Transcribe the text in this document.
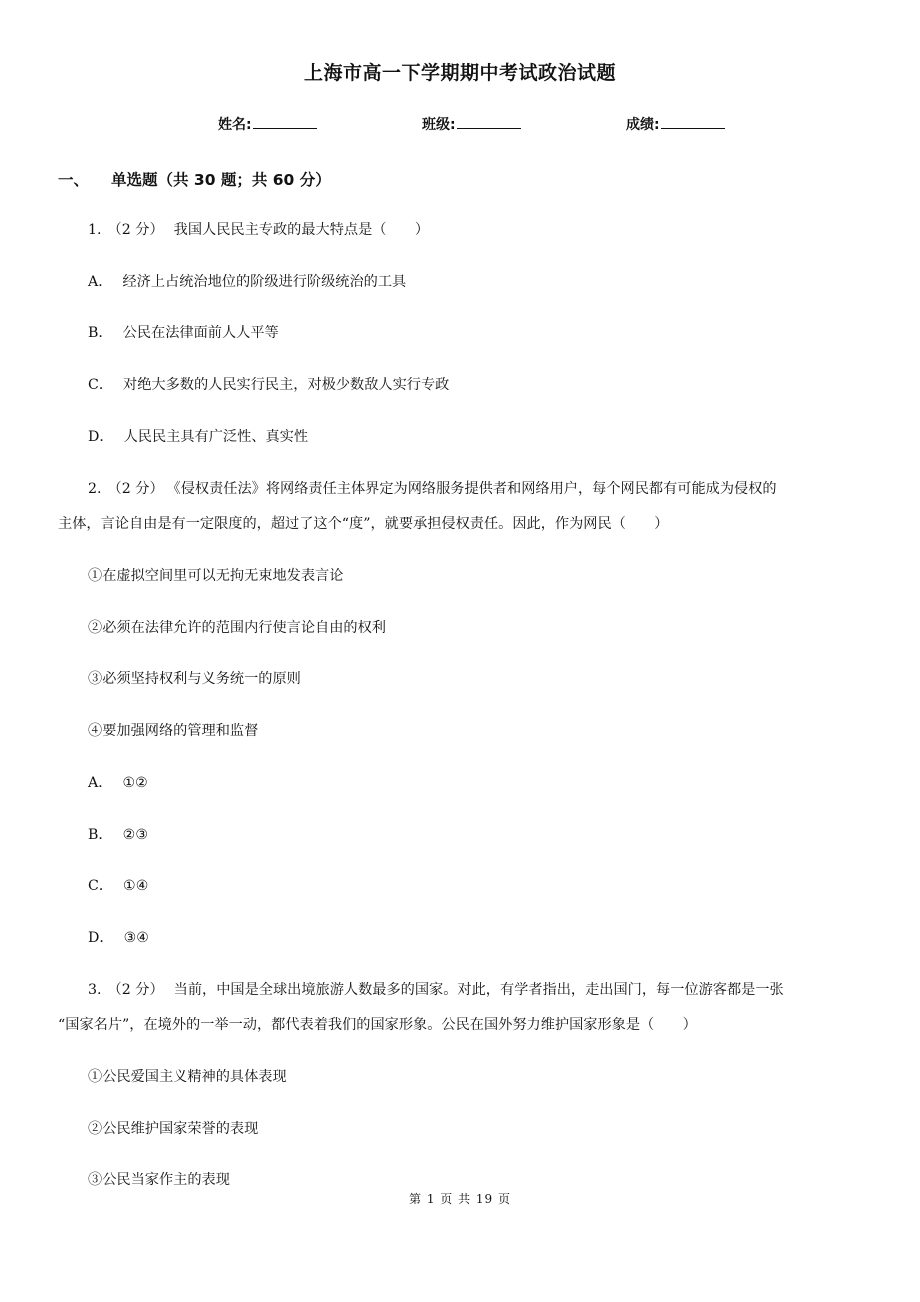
上海市高一下学期期中考试政治试题
姓名:	班级:	成绩:
一、 单选题（共 30 题；共 60 分）
1. （2 分） 我国人民民主专政的最大特点是（　　）
A． 经济上占统治地位的阶级进行阶级统治的工具
B． 公民在法律面前人人平等
C． 对绝大多数的人民实行民主，对极少数敌人实行专政
D． 人民民主具有广泛性、真实性
2. （2 分） 《侵权责任法》将网络责任主体界定为网络服务提供者和网络用户，每个网民都有可能成为侵权的
主体，言论自由是有一定限度的，超过了这个“度”，就要承担侵权责任。因此，作为网民（　　）
①在虚拟空间里可以无拘无束地发表言论
②必须在法律允许的范围内行使言论自由的权利
③必须坚持权利与义务统一的原则
④要加强网络的管理和监督
A． ①②
B． ②③
C． ①④
D． ③④
3. （2 分） 当前，中国是全球出境旅游人数最多的国家。对此，有学者指出，走出国门，每一位游客都是一张
“国家名片”，在境外的一举一动，都代表着我们的国家形象。公民在国外努力维护国家形象是（　　）
①公民爱国主义精神的具体表现
②公民维护国家荣誉的表现
③公民当家作主的表现
第 1 页 共 19 页
